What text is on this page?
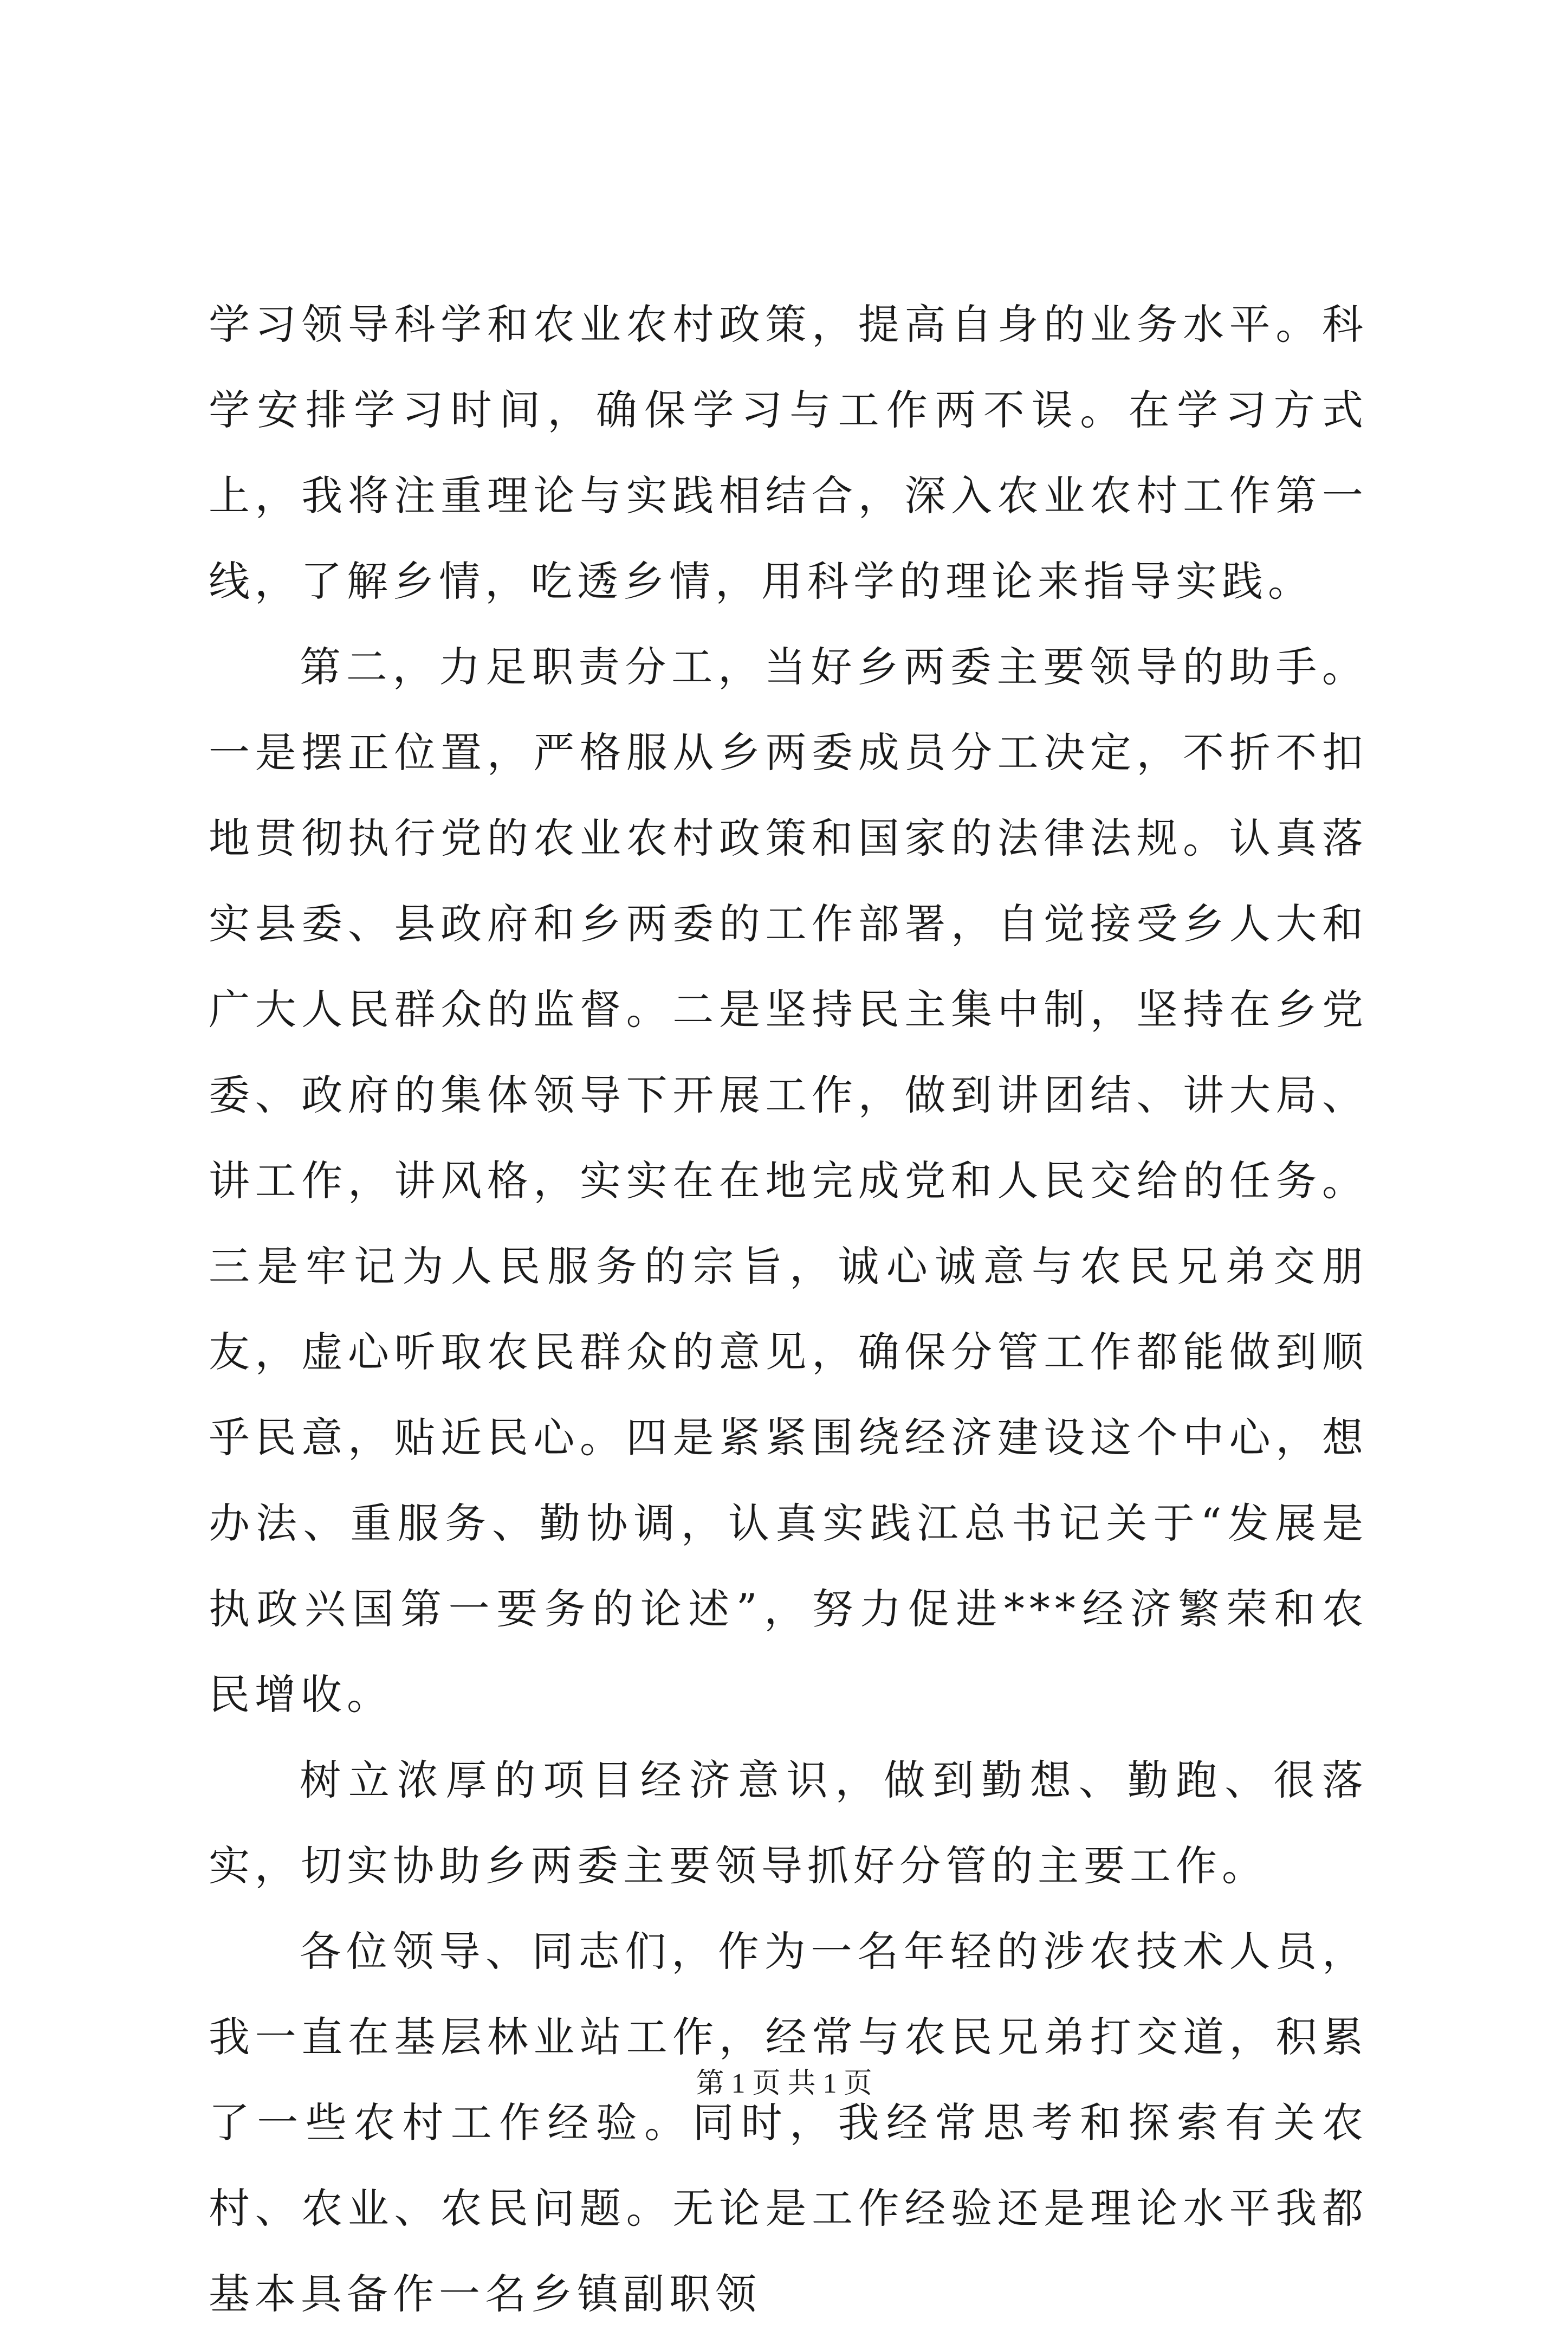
学习领导科学和农业农村政策，提高自身的业务水平。科学安排学习时间，确保学习与工作两不误。在学习方式上，我将注重理论与实践相结合，深入农业农村工作第一线，了解乡情，吃透乡情，用科学的理论来指导实践。

第二，力足职责分工，当好乡两委主要领导的助手。一是摆正位置，严格服从乡两委成员分工决定，不折不扣地贯彻执行党的农业农村政策和国家的法律法规。认真落实县委、县政府和乡两委的工作部署，自觉接受乡人大和广大人民群众的监督。二是坚持民主集中制，坚持在乡党委、政府的集体领导下开展工作，做到讲团结、讲大局、讲工作，讲风格，实实在在地完成党和人民交给的任务。三是牢记为人民服务的宗旨，诚心诚意与农民兄弟交朋友，虚心听取农民群众的意见，确保分管工作都能做到顺乎民意，贴近民心。四是紧紧围绕经济建设这个中心，想办法、重服务、勤协调，认真实践江总书记关于“发展是执政兴国第一要务的论述”，努力促进***经济繁荣和农民增收。

树立浓厚的项目经济意识，做到勤想、勤跑、很落实，切实协助乡两委主要领导抓好分管的主要工作。

各位领导、同志们，作为一名年轻的涉农技术人员，我一直在基层林业站工作，经常与农民兄弟打交道，积累了一些农村工作经验。同时，我经常思考和探索有关农村、农业、农民问题。无论是工作经验还是理论水平我都基本具备作一名乡镇副职领

第 1 页 共 1 页
